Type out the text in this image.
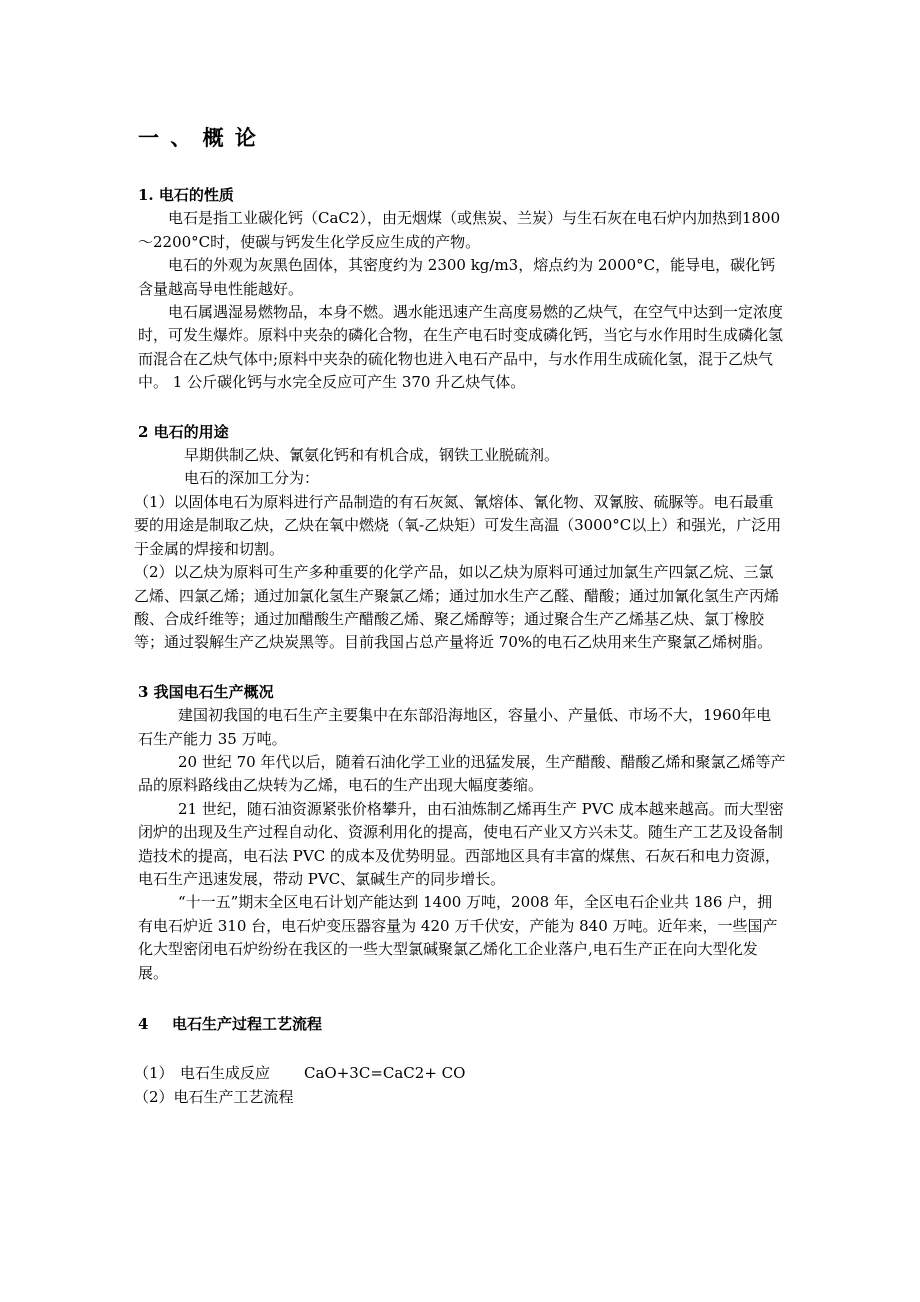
一 、 概 论

1. 电石的性质

电石是指工业碳化钙（CaC2），由无烟煤（或焦炭、兰炭）与生石灰在电石炉内加热到1800～2200°C时，使碳与钙发生化学反应生成的产物。

电石的外观为灰黑色固体，其密度约为 2300 kg/m3，熔点约为 2000°C，能导电，碳化钙含量越高导电性能越好。

电石属遇湿易燃物品，本身不燃。遇水能迅速产生高度易燃的乙炔气，在空气中达到一定浓度时，可发生爆炸。原料中夹杂的磷化合物，在生产电石时变成磷化钙，当它与水作用时生成磷化氢而混合在乙炔气体中;原料中夹杂的硫化物也进入电石产品中，与水作用生成硫化氢，混于乙炔气中。 1 公斤碳化钙与水完全反应可产生 370 升乙炔气体。

2 电石的用途

早期供制乙炔、氰氨化钙和有机合成，钢铁工业脱硫剂。

电石的深加工分为：

（1）以固体电石为原料进行产品制造的有石灰氮、氰熔体、氰化物、双氰胺、硫脲等。电石最重要的用途是制取乙炔，乙炔在氧中燃烧（氧-乙炔矩）可发生高温（3000°C以上）和强光，广泛用于金属的焊接和切割。

（2）以乙炔为原料可生产多种重要的化学产品，如以乙炔为原料可通过加氯生产四氯乙烷、三氯乙烯、四氯乙烯；通过加氯化氢生产聚氯乙烯；通过加水生产乙醛、醋酸；通过加氰化氢生产丙烯酸、合成纤维等；通过加醋酸生产醋酸乙烯、聚乙烯醇等；通过聚合生产乙烯基乙炔、氯丁橡胶等；通过裂解生产乙炔炭黑等。目前我国占总产量将近 70%的电石乙炔用来生产聚氯乙烯树脂。

3 我国电石生产概况

建国初我国的电石生产主要集中在东部沿海地区，容量小、产量低、市场不大，1960年电石生产能力 35 万吨。

20 世纪 70 年代以后，随着石油化学工业的迅猛发展，生产醋酸、醋酸乙烯和聚氯乙烯等产品的原料路线由乙炔转为乙烯，电石的生产出现大幅度萎缩。

21 世纪，随石油资源紧张价格攀升，由石油炼制乙烯再生产 PVC 成本越来越高。而大型密闭炉的出现及生产过程自动化、资源利用化的提高，使电石产业又方兴未艾。随生产工艺及设备制造技术的提高，电石法 PVC 的成本及优势明显。西部地区具有丰富的煤焦、石灰石和电力资源，电石生产迅速发展，带动 PVC、氯碱生产的同步增长。

“十一五”期末全区电石计划产能达到 1400 万吨，2008 年，全区电石企业共 186 户，拥有电石炉近 310 台，电石炉变压器容量为 420 万千伏安，产能为 840 万吨。近年来，一些国产化大型密闭电石炉纷纷在我区的一些大型氯碱聚氯乙烯化工企业落户,电石生产正在向大型化发展。

4 电石生产过程工艺流程

（1） 电石生成反应 CaO+3C=CaC2+ CO

（2）电石生产工艺流程
